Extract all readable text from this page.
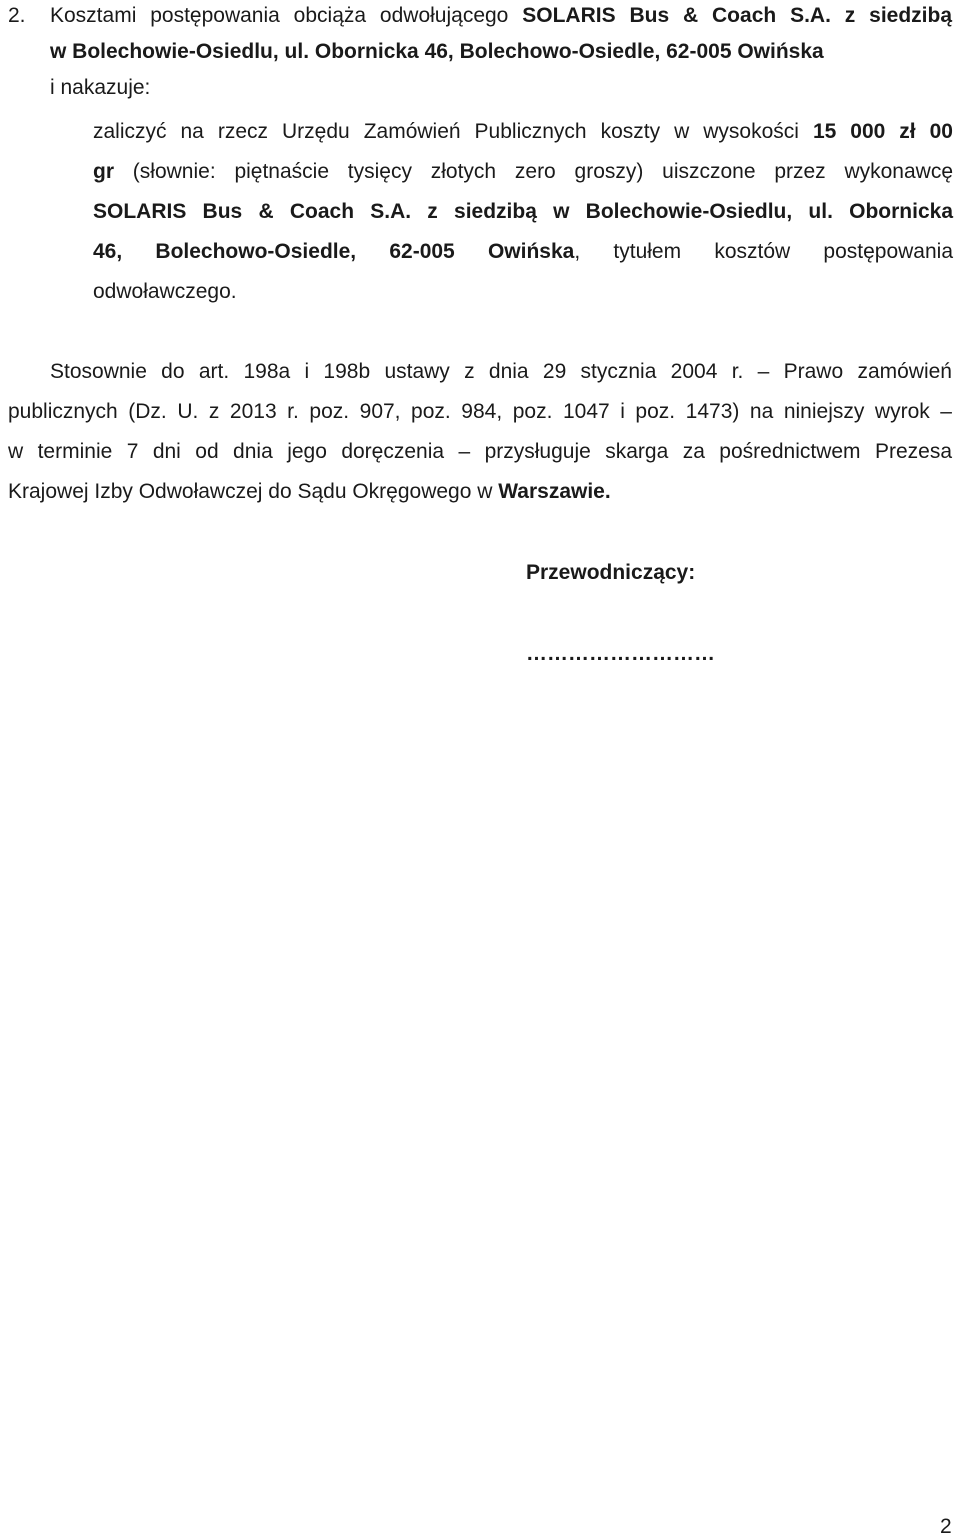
2. Kosztami postępowania obciąża odwołującego SOLARIS Bus & Coach S.A. z siedzibą
w Bolechowie-Osiedlu, ul. Obornicka 46, Bolechowo-Osiedle, 62-005 Owińska
i nakazuje:
zaliczyć na rzecz Urzędu Zamówień Publicznych koszty w wysokości 15 000 zł 00
gr (słownie: piętnaście tysięcy złotych zero groszy) uiszczone przez wykonawcę
SOLARIS Bus & Coach S.A. z siedzibą w Bolechowie-Osiedlu, ul. Obornicka
46, Bolechowo-Osiedle, 62-005 Owińska, tytułem kosztów postępowania
odwoławczego.
Stosownie do art. 198a i 198b ustawy z dnia 29 stycznia 2004 r. – Prawo zamówień
publicznych (Dz. U. z 2013 r. poz. 907, poz. 984, poz. 1047 i poz. 1473) na niniejszy wyrok –
w terminie 7 dni od dnia jego doręczenia – przysługuje skarga za pośrednictwem Prezesa
Krajowej Izby Odwoławczej do Sądu Okręgowego w Warszawie.
Przewodniczący:
………………………
2
